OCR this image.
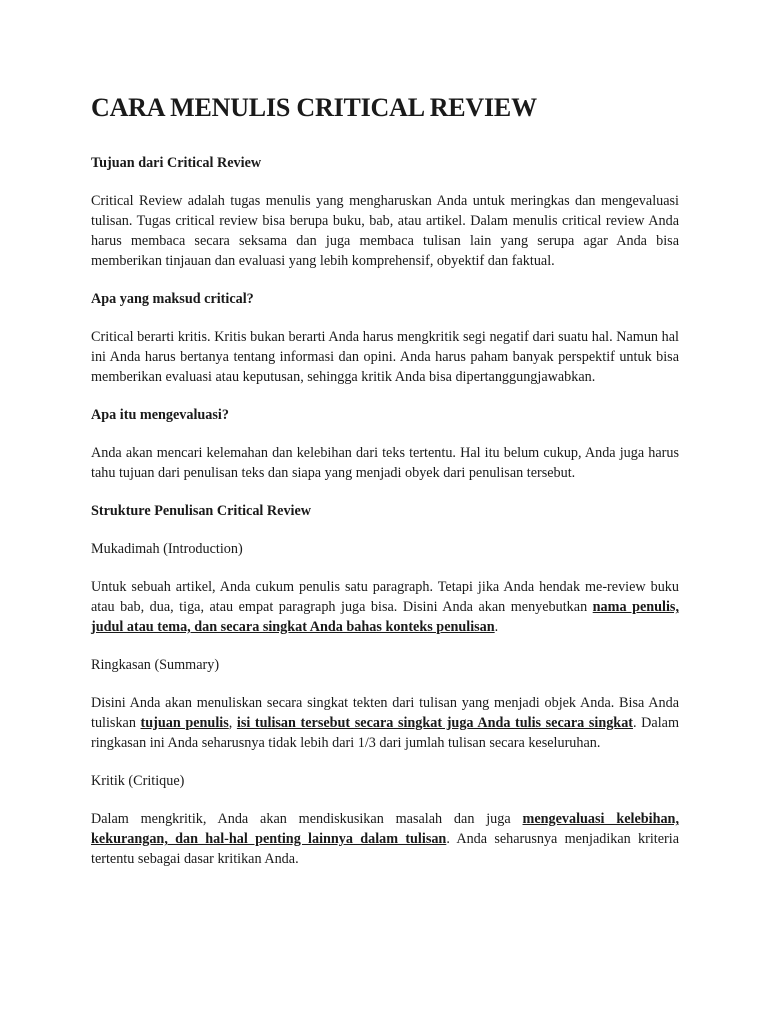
CARA MENULIS CRITICAL REVIEW
Tujuan dari Critical Review

Critical Review adalah tugas menulis yang mengharuskan Anda untuk meringkas dan mengevaluasi tulisan. Tugas critical review bisa berupa buku, bab, atau artikel. Dalam menulis critical review Anda harus membaca secara seksama dan juga membaca tulisan lain yang serupa agar Anda bisa memberikan tinjauan dan evaluasi yang lebih komprehensif, obyektif dan faktual.

Apa yang maksud critical?

Critical berarti kritis. Kritis bukan berarti Anda harus mengkritik segi negatif dari suatu hal. Namun hal ini Anda harus bertanya tentang informasi dan opini. Anda harus paham banyak perspektif untuk bisa memberikan evaluasi atau keputusan, sehingga kritik Anda bisa dipertanggungjawabkan.

Apa itu mengevaluasi?

Anda akan mencari kelemahan dan kelebihan dari teks tertentu. Hal itu belum cukup, Anda juga harus tahu tujuan dari penulisan teks dan siapa yang menjadi obyek dari penulisan tersebut.

Strukture Penulisan Critical Review
Mukadimah (Introduction)

Untuk sebuah artikel, Anda cukum penulis satu paragraph. Tetapi jika Anda hendak me-review buku atau bab, dua, tiga, atau empat paragraph juga bisa. Disini Anda akan menyebutkan nama penulis, judul atau tema, dan secara singkat Anda bahas konteks penulisan.

Ringkasan (Summary)

Disini Anda akan menuliskan secara singkat tekten dari tulisan yang menjadi objek Anda. Bisa Anda tuliskan tujuan penulis, isi tulisan tersebut secara singkat juga Anda tulis secara singkat. Dalam ringkasan ini Anda seharusnya tidak lebih dari 1/3 dari jumlah tulisan secara keseluruhan.

Kritik (Critique)

Dalam mengkritik, Anda akan mendiskusikan masalah dan juga mengevaluasi kelebihan, kekurangan, dan hal-hal penting lainnya dalam tulisan. Anda seharusnya menjadikan kriteria tertentu sebagai dasar kritikan Anda.
